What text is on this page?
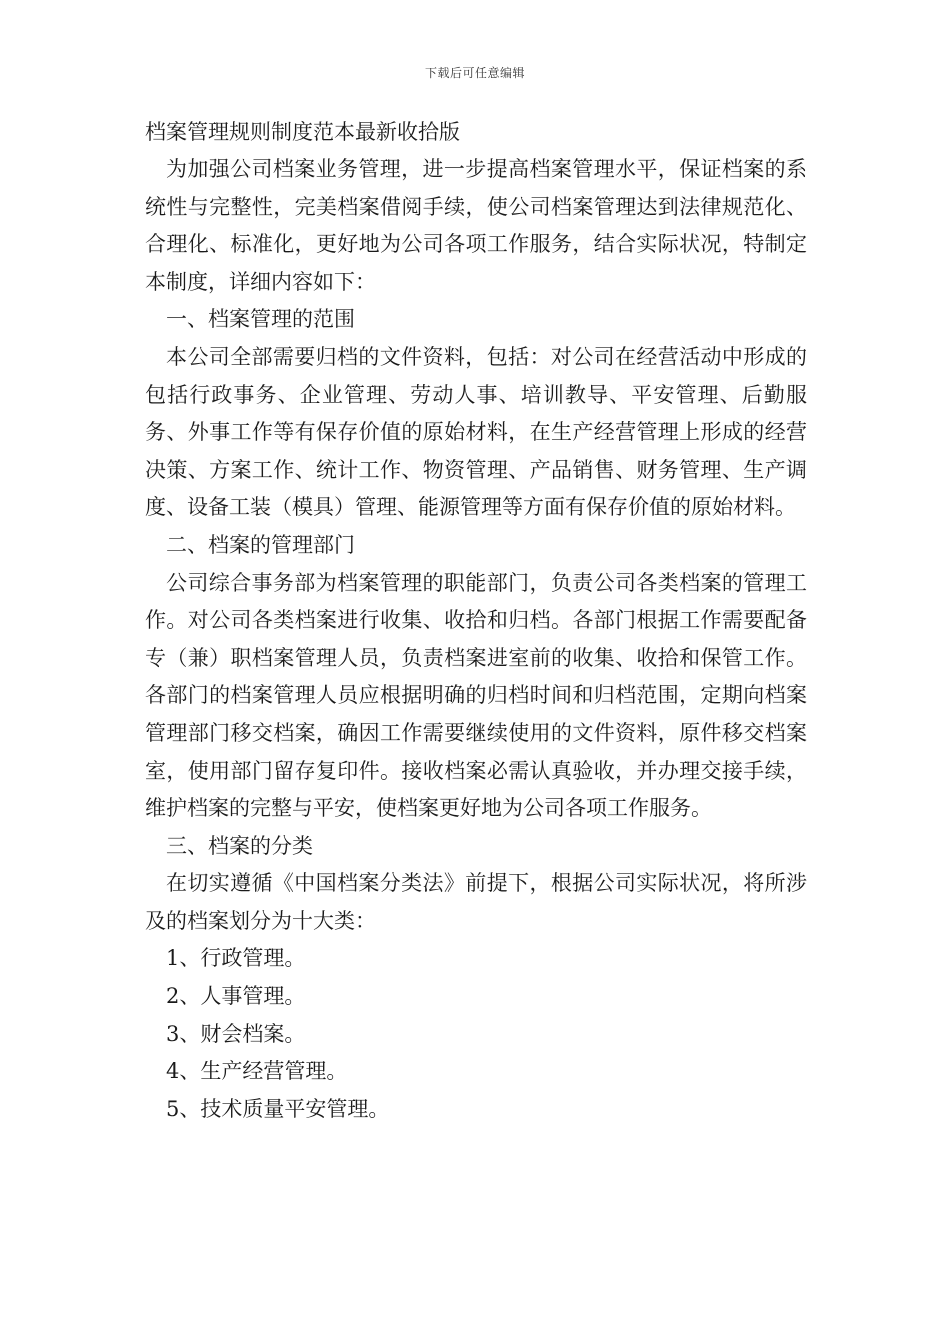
下载后可任意编辑
档案管理规则制度范本最新收拾版

为加强公司档案业务管理，进一步提高档案管理水平，保证档案的系统性与完整性，完美档案借阅手续，使公司档案管理达到法律规范化、合理化、标准化，更好地为公司各项工作服务，结合实际状况，特制定本制度，详细内容如下：

一、档案管理的范围

本公司全部需要归档的文件资料，包括：对公司在经营活动中形成的包括行政事务、企业管理、劳动人事、培训教导、平安管理、后勤服务、外事工作等有保存价值的原始材料，在生产经营管理上形成的经营决策、方案工作、统计工作、物资管理、产品销售、财务管理、生产调度、设备工装（模具）管理、能源管理等方面有保存价值的原始材料。

二、档案的管理部门

公司综合事务部为档案管理的职能部门，负责公司各类档案的管理工作。对公司各类档案进行收集、收拾和归档。各部门根据工作需要配备专（兼）职档案管理人员，负责档案进室前的收集、收拾和保管工作。各部门的档案管理人员应根据明确的归档时间和归档范围，定期向档案管理部门移交档案，确因工作需要继续使用的文件资料，原件移交档案室，使用部门留存复印件。接收档案必需认真验收，并办理交接手续，维护档案的完整与平安，使档案更好地为公司各项工作服务。

三、档案的分类

在切实遵循《中国档案分类法》前提下，根据公司实际状况，将所涉及的档案划分为十大类：

1、行政管理。
2、人事管理。
3、财会档案。
4、生产经营管理。
5、技术质量平安管理。
